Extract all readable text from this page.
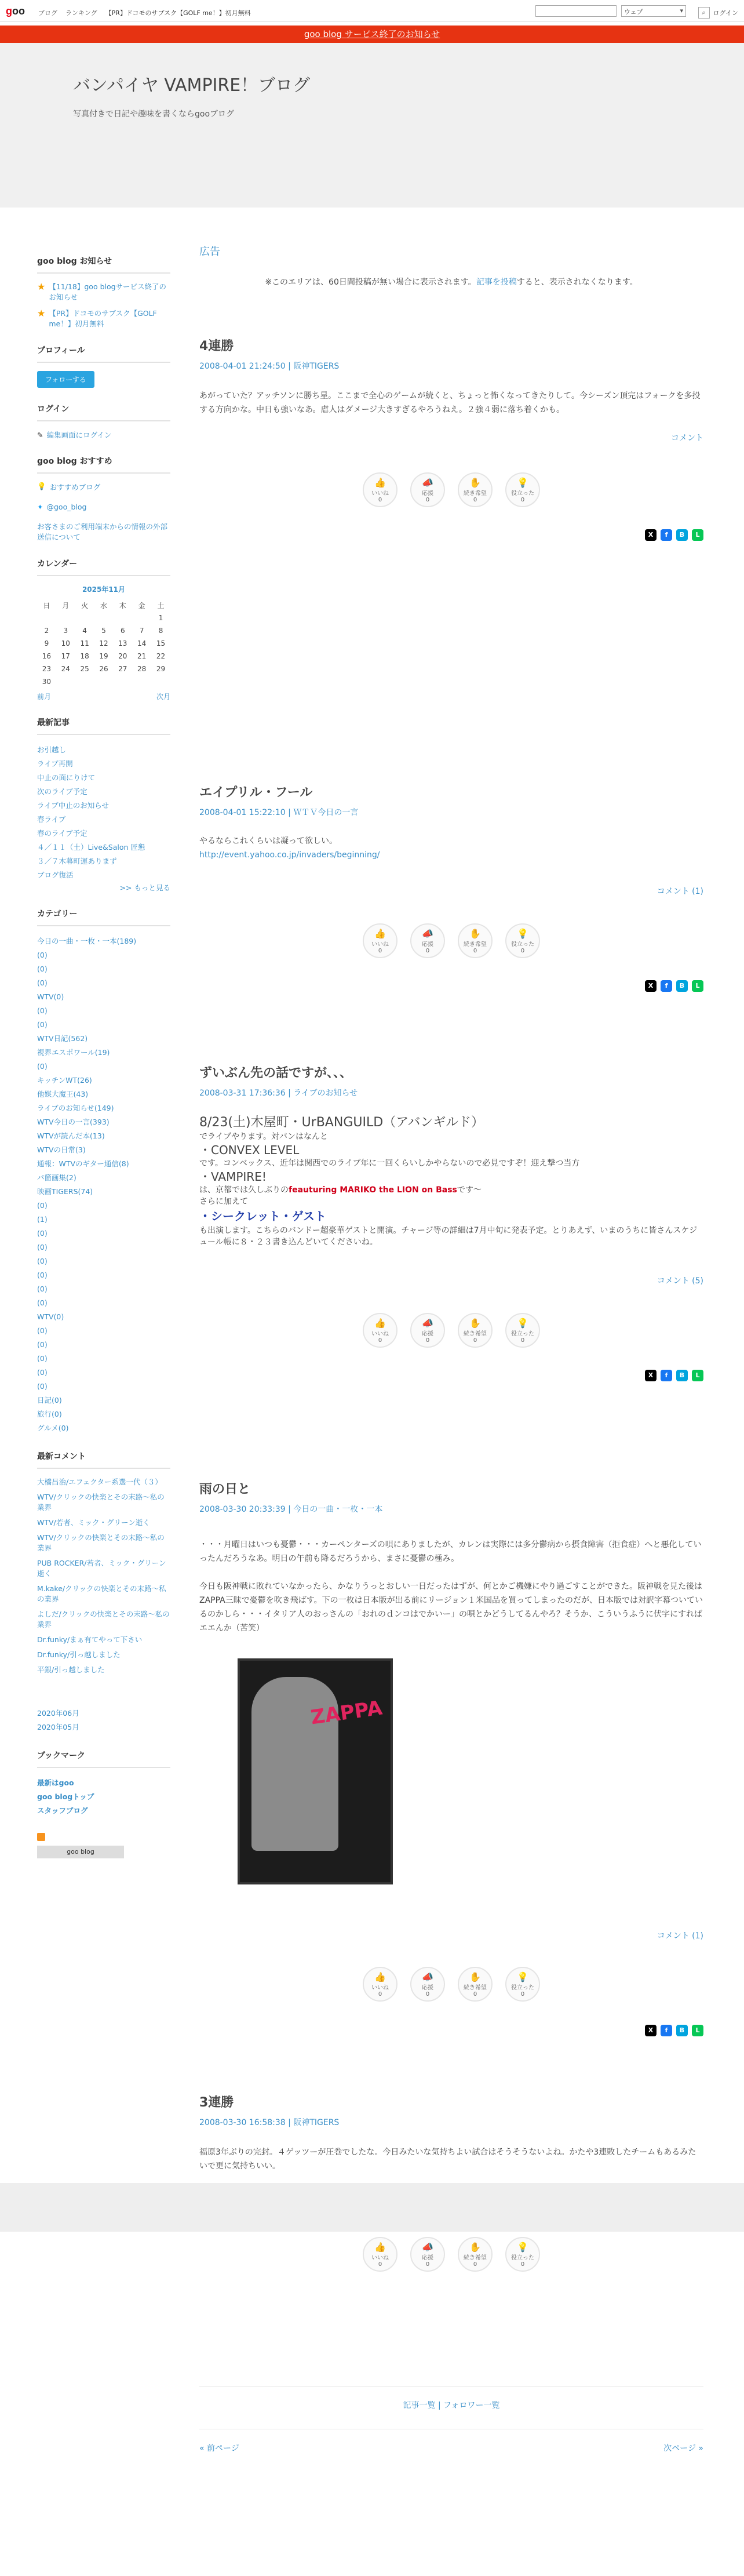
goo ブログ ランキング 【PR】ドコモのサブスク【GOLF me！】初月無料	ウェブ ▾	⌕	ログイン
goo blog サービス終了のお知らせ
バンパイヤ VAMPIRE！ブログ

写真付きで日記や趣味を書くならgooブログ

goo blog お知らせ
★ 【11/18】goo blogサービス終了のお知らせ
★ 【PR】ドコモのサブスク【GOLF me！】初月無料
プロフィール
フォローする
ログイン
✎ 編集画面にログイン
goo blog おすすめ
💡 おすすめブログ
✦ @goo_blog
お客さまのご利用端末からの情報の外部送信について
カレンダー
2025年11月
日	月	火	水	木	金	土
						1
2	3	4	5	6	7	8
9	10	11	12	13	14	15
16	17	18	19	20	21	22
23	24	25	26	27	28	29
30						
前月	次月
最新記事
お引越し
ライブ再開
中止の面にりけて
次のライブ予定
ライブ中止のお知らせ
春ライブ
春のライブ予定
４／１１（土）Live&Salon 匠懇
３／７木暮町運ありまず
ブログ復活
>> もっと見る
カテゴリー
今日の一曲・一枚・一本(189)
(0)
(0)
(0)
WTV(0)
(0)
(0)
WTV日記(562)
視界エスポワール(19)
(0)
キッチンWT(26)
他媒大魔王(43)
ライブのお知らせ(149)
WTV今日の一言(393)
WTVが読んだ本(13)
WTVの日常(3)
通報：WTVのギター通信(8)
バ箇画集(2)
映画TIGERS(74)
(0)
(1)
(0)
(0)
(0)
(0)
(0)
(0)
WTV(0)
(0)
(0)
(0)
(0)
(0)
日記(0)
旅行(0)
グルメ(0)
最新コメント
大橋昌治/エフェクター系選一代（３）
WTV/クリックの快楽とその末路〜私の業界
WTV/若者、ミック・グリーン逝く
WTV/クリックの快楽とその末路〜私の業界
PUB ROCKER/若者、ミック・グリーン逝く
M.kake/クリックの快楽とその末路〜私の業界
よしだ/クリックの快楽とその末路〜私の業界
Dr.funky/まぁ有てやって下さい
Dr.funky/引っ越しました
平銀/引っ越しました
2020年06月
2020年05月
ブックマーク
最新はgoo
goo blogトップ
スタッフブログ
goo blog
広告
※このエリアは、60日間投稿が無い場合に表示されます。記事を投稿すると、表示されなくなります。
4連勝
2008-04-01 21:24:50 | 阪神TIGERS
あがっていた？アッチソンに勝ち星。ここまで全心のゲームが続くと、ちょっと怖くなってきたりして。今シーズン頂完はフォークを多投する方向かな。中日も強いなあ。虐人はダメージ大きすぎるやろうねえ。２強４弱に落ち着くかも。
コメント
👍
いいね
0
📣
応援
0
✋
続き希望
0
💡
役立った
0
X	f	B	L
エイプリル・フール
2008-04-01 15:22:10 | ＷＴＶ今日の一言
やるならこれくらいは凝って欲しい。
http://event.yahoo.co.jp/invaders/beginning/
コメント (1)
👍
いいね
0
📣
応援
0
✋
続き希望
0
💡
役立った
0
X	f	B	L
ずいぶん先の話ですが、、、
2008-03-31 17:36:36 | ライブのお知らせ
8/23(土)木屋町・UrBANGUILD（アバンギルド）
でライブやります。対バンはなんと
・CONVEX LEVEL
です。コンベックス、近年は関西でのライブ年に一回くらいしかやらないので必見ですぞ！迎え撃つ当方
・VAMPIRE!
は、京都では久しぶりのfeauturing MARIKO the LION on Bassです〜
さらに加えて
・シークレット・ゲスト
も出演します。こちらのバンドー超豪華ゲストと開演。チャージ等の詳細は7月中旬に発表予定。とりあえず、いまのうちに皆さんスケジュール帳に８・２３書き込んどいてくださいね。
コメント (5)
👍
いいね
0
📣
応援
0
✋
続き希望
0
💡
役立った
0
X	f	B	L
雨の日と
2008-03-30 20:33:39 | 今日の一曲・一枚・一本
・・・月曜日はいつも憂鬱・・・カーペンターズの唄にありましたが、カレンは実際には多分鬱病から摂食障害（拒食症）へと悪化していったんだろうなあ。明日の午前も降るだろうから、まさに憂鬱の極み。
今日も阪神戦に敗れていなかったら、かなりうっとおしい一日だったはずが、何とかご機嫌にやり過ごすことができた。阪神戦を見た後はZAPPA三昧で憂鬱を吹き飛ばす。下の一枚は日本版が出る前にリージョン１米国品を買ってしまったのだが、日本版では対訳字幕ついているのかしら・・・イタリア人のおっさんの「おれのｄンコはでかいー」の唄とかどうしてるんやろ？そうか、こういうふうに伏字にすればエエんか（苦笑）
ZAPPA
コメント (1)
👍
いいね
0
📣
応援
0
✋
続き希望
0
💡
役立った
0
X	f	B	L
3連勝
2008-03-30 16:58:38 | 阪神TIGERS
福原3年ぶりの完封。４ゲッツーが圧巻でしたな。今日みたいな気持ちよい試合はそうそうないよね。かたや3連敗したチームもあるみたいで更に気持ちいい。
👍
いいね
0
📣
応援
0
✋
続き希望
0
💡
役立った
0
記事一覧 | フォロワー一覧
« 前ページ	次ページ »
